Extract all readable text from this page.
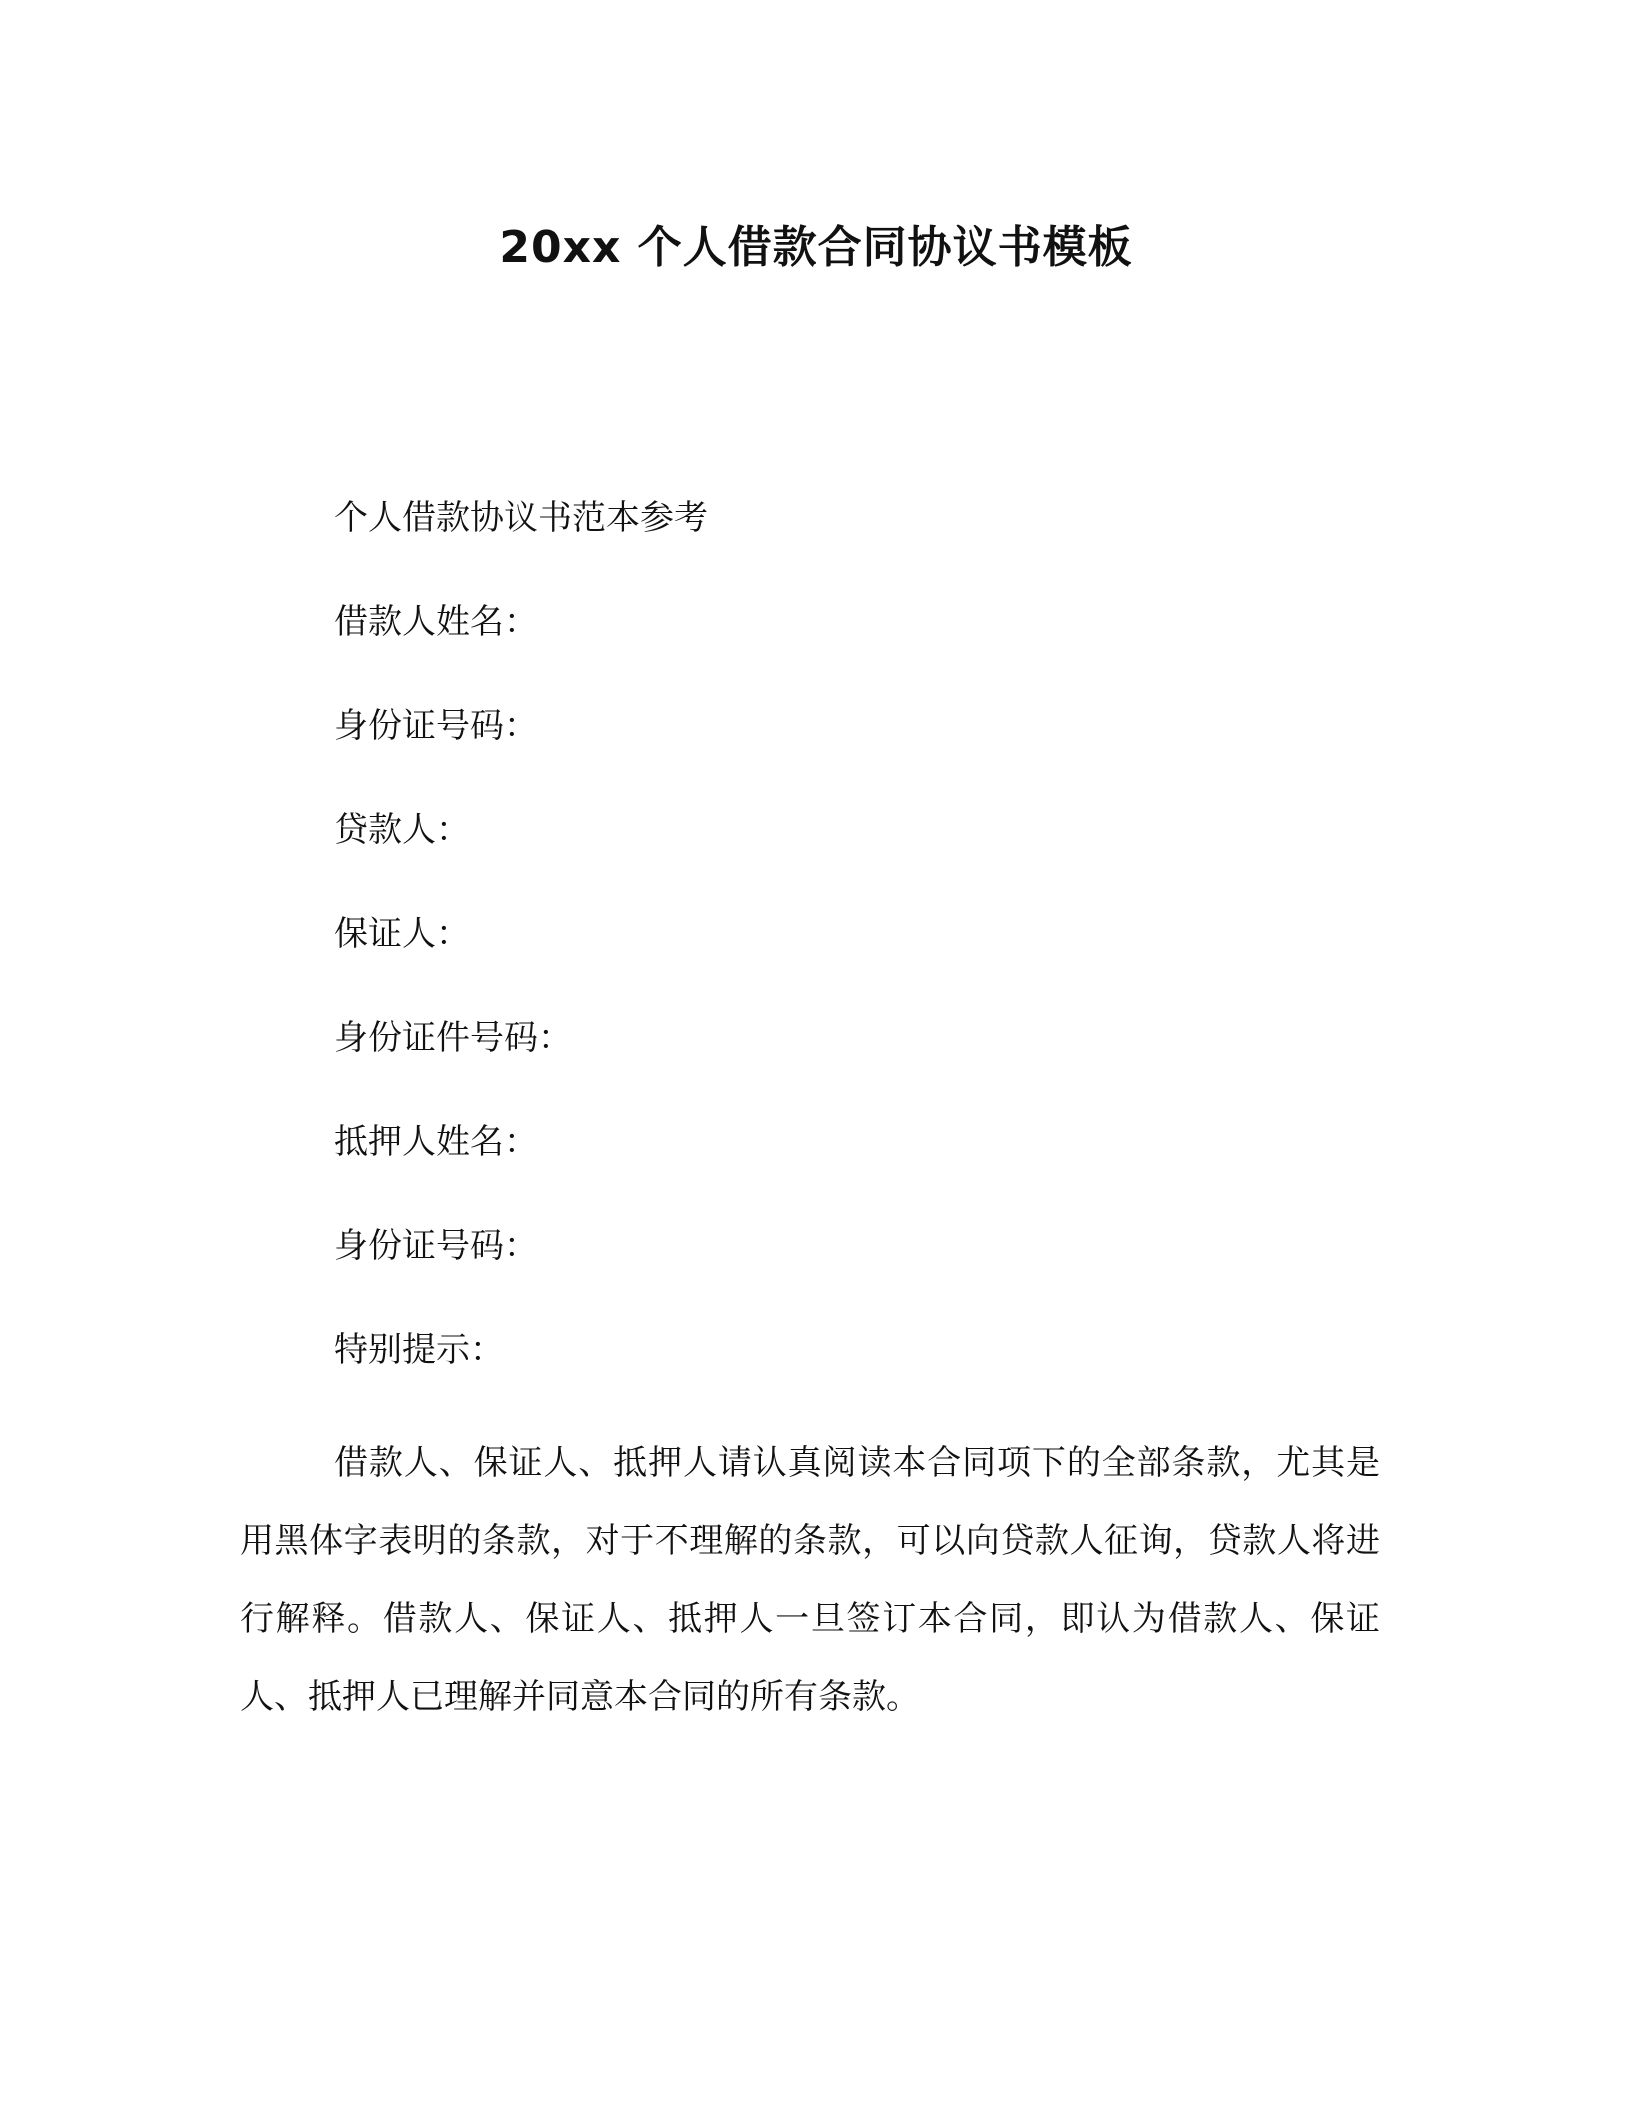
20xx 个人借款合同协议书模板
个人借款协议书范本参考
借款人姓名：
身份证号码：
贷款人：
保证人：
身份证件号码：
抵押人姓名：
身份证号码：
特别提示：

借款人、保证人、抵押人请认真阅读本合同项下的全部条款，尤其是用黑体字表明的条款，对于不理解的条款，可以向贷款人征询，贷款人将进行解释。借款人、保证人、抵押人一旦签订本合同，即认为借款人、保证人、抵押人已理解并同意本合同的所有条款。
